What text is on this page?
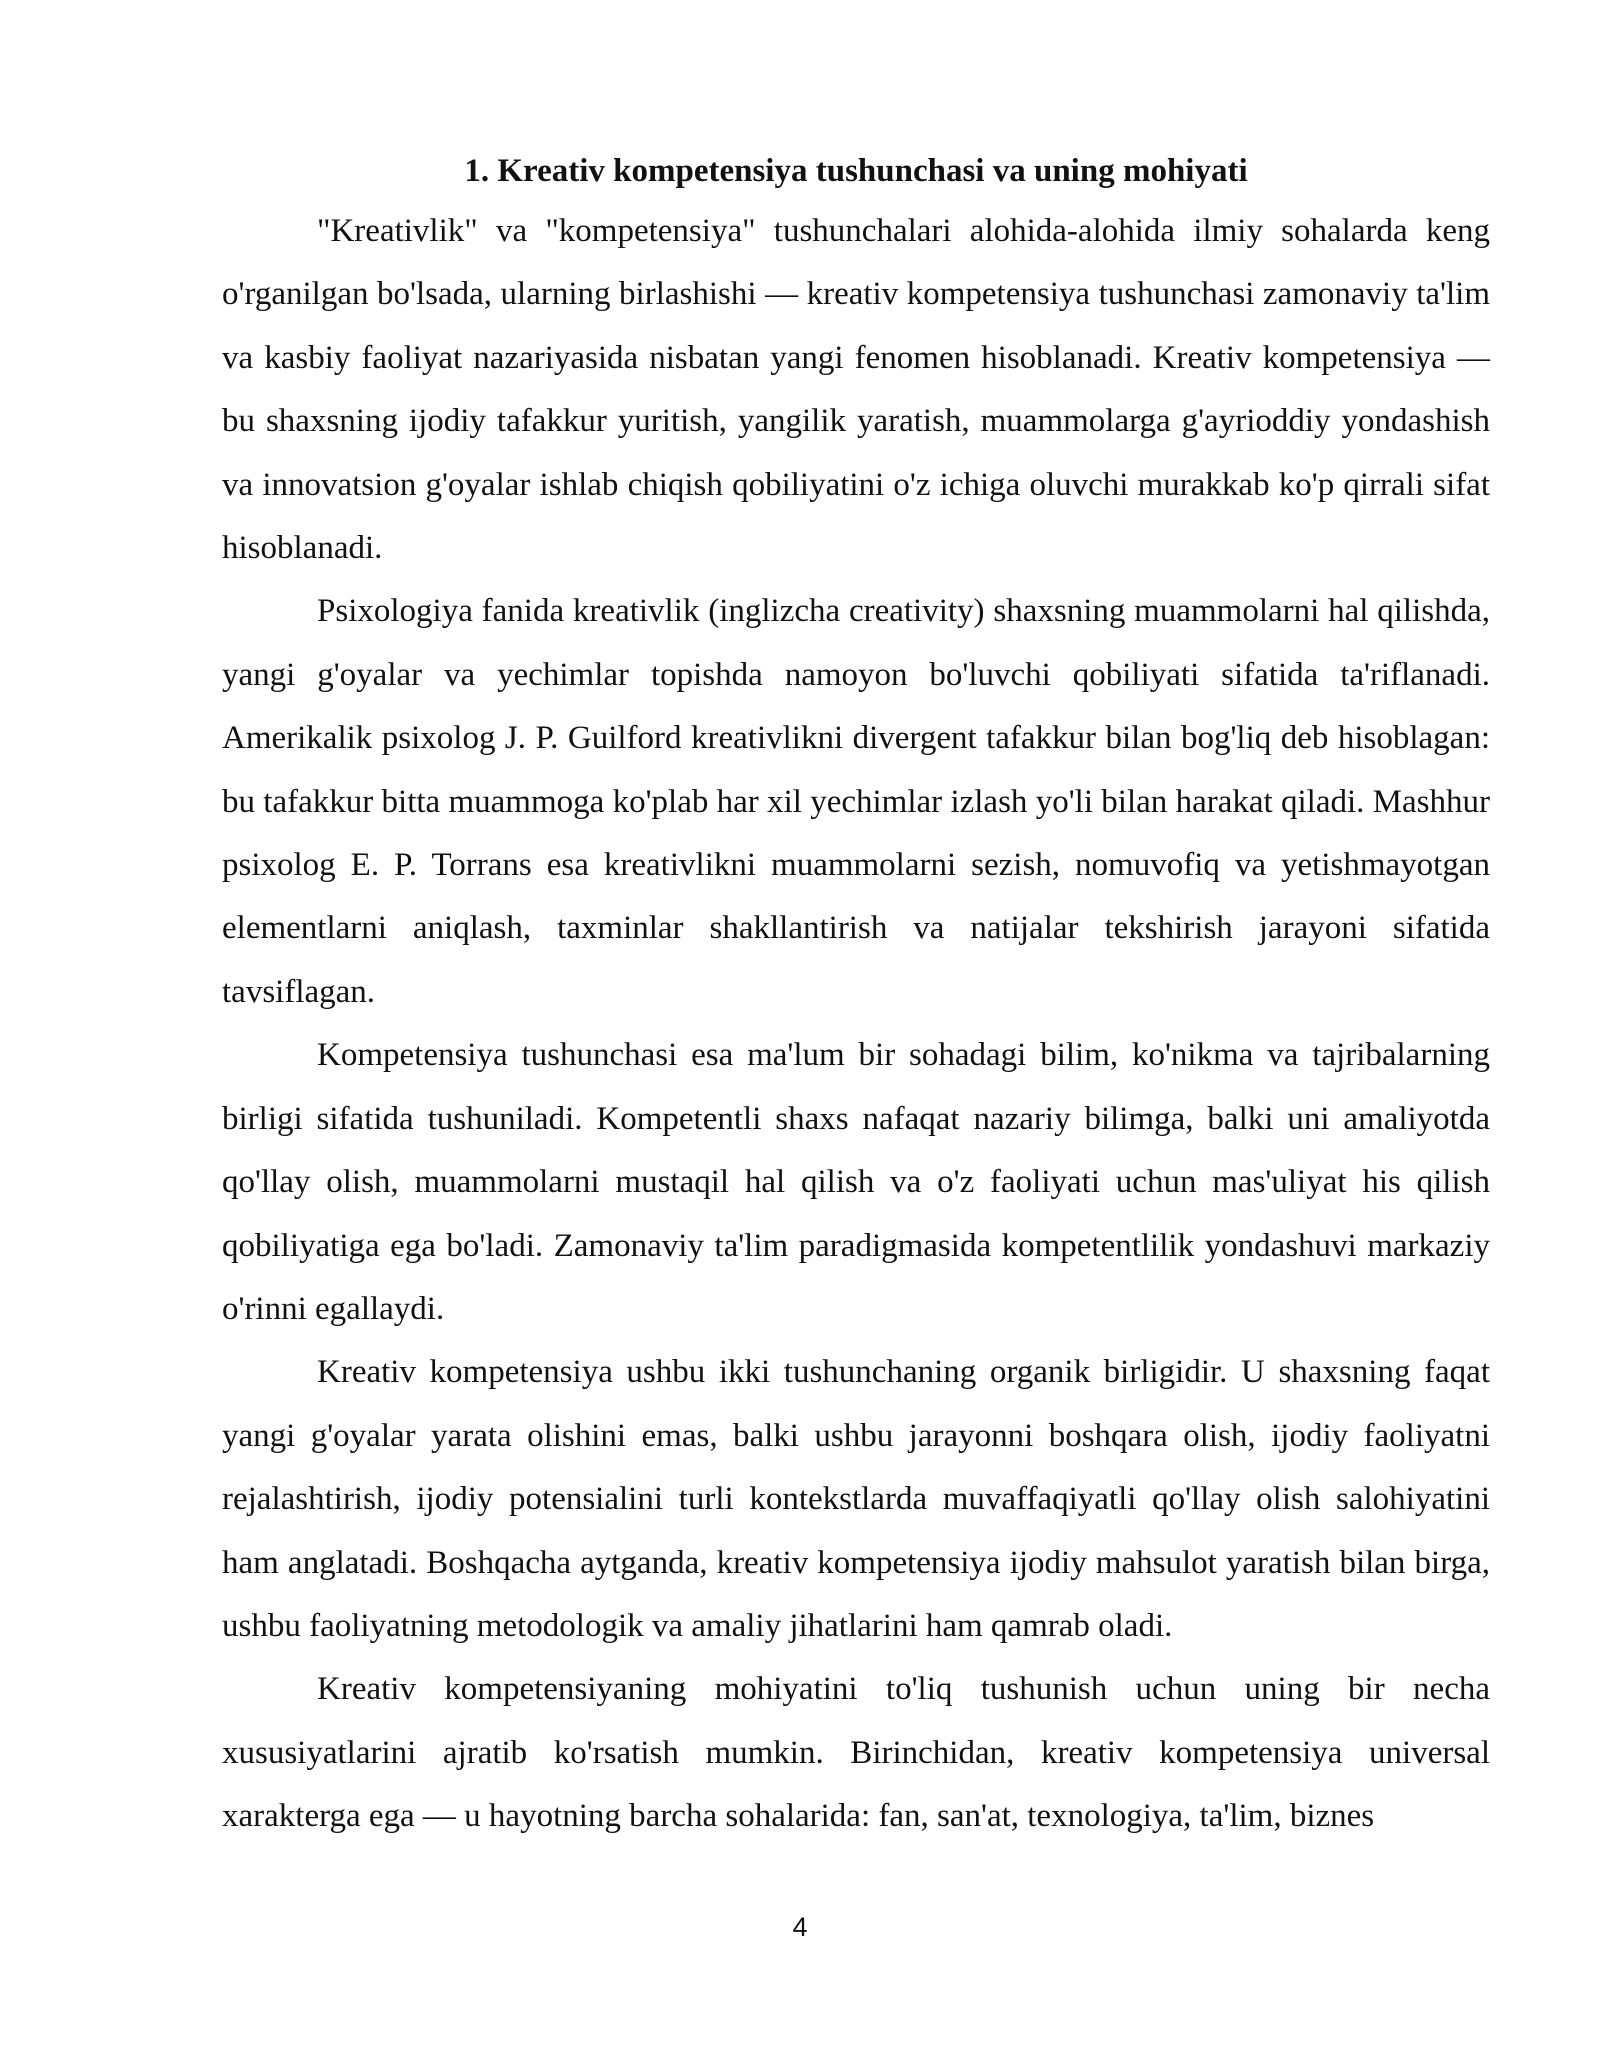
1. Kreativ kompetensiya tushunchasi va uning mohiyati

"Kreativlik" va "kompetensiya" tushunchalari alohida-alohida ilmiy sohalarda keng o'rganilgan bo'lsada, ularning birlashishi — kreativ kompetensiya tushunchasi zamonaviy ta'lim va kasbiy faoliyat nazariyasida nisbatan yangi fenomen hisoblanadi. Kreativ kompetensiya — bu shaxsning ijodiy tafakkur yuritish, yangilik yaratish, muammolarga g'ayrioddiy yondashish va innovatsion g'oyalar ishlab chiqish qobiliyatini o'z ichiga oluvchi murakkab ko'p qirrali sifat hisoblanadi.

Psixologiya fanida kreativlik (inglizcha creativity) shaxsning muammolarni hal qilishda, yangi g'oyalar va yechimlar topishda namoyon bo'luvchi qobiliyati sifatida ta'riflanadi. Amerikalik psixolog J. P. Guilford kreativlikni divergent tafakkur bilan bog'liq deb hisoblagan: bu tafakkur bitta muammoga ko'plab har xil yechimlar izlash yo'li bilan harakat qiladi. Mashhur psixolog E. P. Torrans esa kreativlikni muammolarni sezish, nomuvofiq va yetishmayotgan elementlarni aniqlash, taxminlar shakllantirish va natijalar tekshirish jarayoni sifatida tavsiflagan.

Kompetensiya tushunchasi esa ma'lum bir sohadagi bilim, ko'nikma va tajribalarning birligi sifatida tushuniladi. Kompetentli shaxs nafaqat nazariy bilimga, balki uni amaliyotda qo'llay olish, muammolarni mustaqil hal qilish va o'z faoliyati uchun mas'uliyat his qilish qobiliyatiga ega bo'ladi. Zamonaviy ta'lim paradigmasida kompetentlilik yondashuvi markaziy o'rinni egallaydi.

Kreativ kompetensiya ushbu ikki tushunchaning organik birligidir. U shaxsning faqat yangi g'oyalar yarata olishini emas, balki ushbu jarayonni boshqara olish, ijodiy faoliyatni rejalashtirish, ijodiy potensialini turli kontekstlarda muvaffaqiyatli qo'llay olish salohiyatini ham anglatadi. Boshqacha aytganda, kreativ kompetensiya ijodiy mahsulot yaratish bilan birga, ushbu faoliyatning metodologik va amaliy jihatlarini ham qamrab oladi.

Kreativ kompetensiyaning mohiyatini to'liq tushunish uchun uning bir necha xususiyatlarini ajratib ko'rsatish mumkin. Birinchidan, kreativ kompetensiya universal xarakterga ega — u hayotning barcha sohalarida: fan, san'at, texnologiya, ta'lim, biznes

4
